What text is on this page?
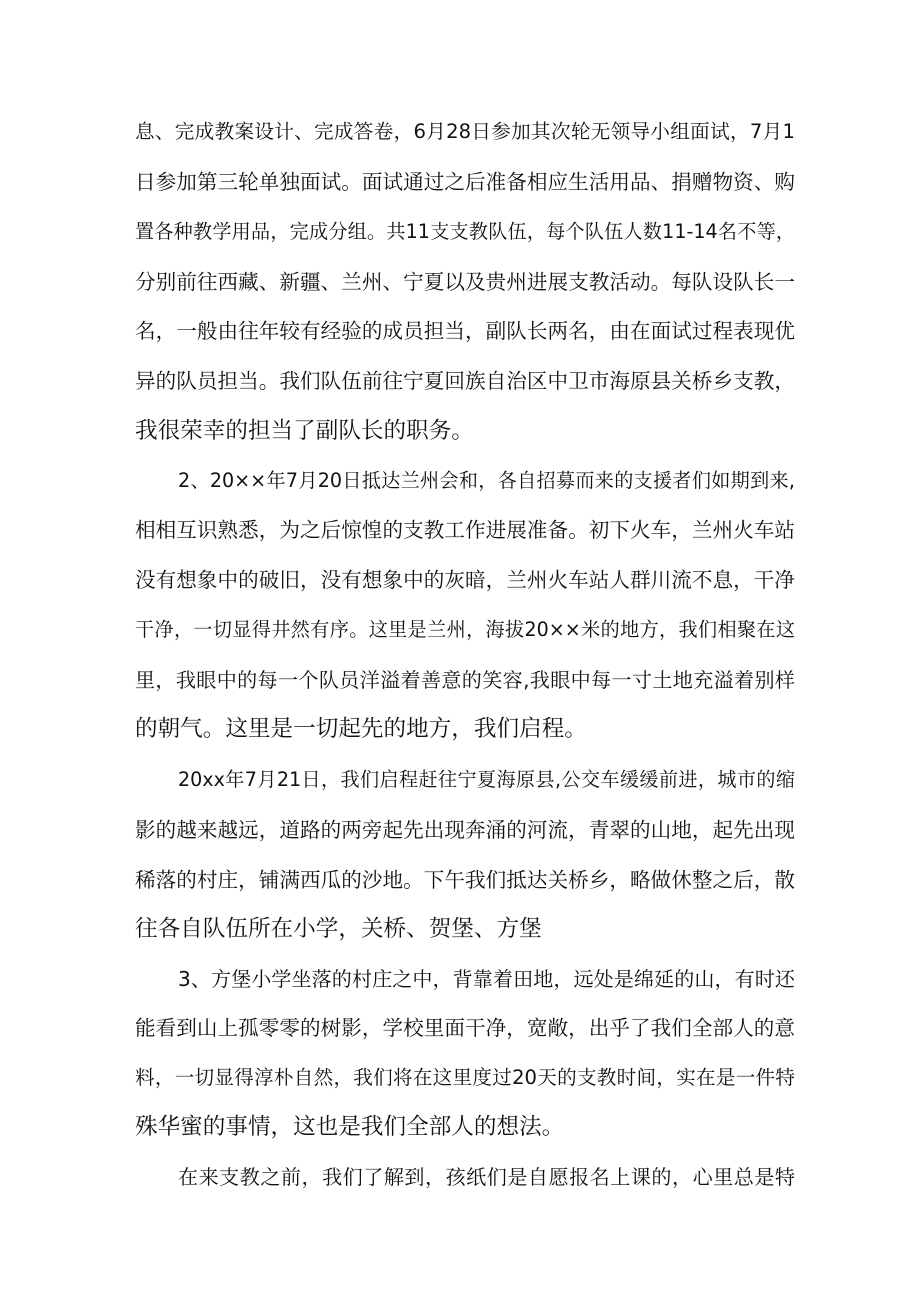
息、完成教案设计、完成答卷，6月28日参加其次轮无领导小组面试，7月1
日参加第三轮单独面试。面试通过之后准备相应生活用品、捐赠物资、购
置各种教学用品，完成分组。共11支支教队伍，每个队伍人数11-14名不等，
分别前往西藏、新疆、兰州、宁夏以及贵州进展支教活动。每队设队长一
名，一般由往年较有经验的成员担当，副队长两名，由在面试过程表现优
异的队员担当。我们队伍前往宁夏回族自治区中卫市海原县关桥乡支教，
我很荣幸的担当了副队长的职务。
2、20××年7月20日抵达兰州会和，各自招募而来的支援者们如期到来,
相相互识熟悉，为之后惊惶的支教工作进展准备。初下火车，兰州火车站
没有想象中的破旧，没有想象中的灰暗，兰州火车站人群川流不息，干净
干净，一切显得井然有序。这里是兰州，海拔20××米的地方，我们相聚在这
里，我眼中的每一个队员洋溢着善意的笑容,我眼中每一寸土地充溢着别样
的朝气。这里是一切起先的地方，我们启程。
20xx年7月21日，我们启程赶往宁夏海原县,公交车缓缓前进，城市的缩
影的越来越远，道路的两旁起先出现奔涌的河流，青翠的山地，起先出现
稀落的村庄，铺满西瓜的沙地。下午我们抵达关桥乡，略做休整之后，散
往各自队伍所在小学，关桥、贺堡、方堡
3、方堡小学坐落的村庄之中，背靠着田地，远处是绵延的山，有时还
能看到山上孤零零的树影，学校里面干净，宽敞，出乎了我们全部人的意
料，一切显得淳朴自然，我们将在这里度过20天的支教时间，实在是一件特
殊华蜜的事情，这也是我们全部人的想法。
在来支教之前，我们了解到，孩纸们是自愿报名上课的，心里总是特
